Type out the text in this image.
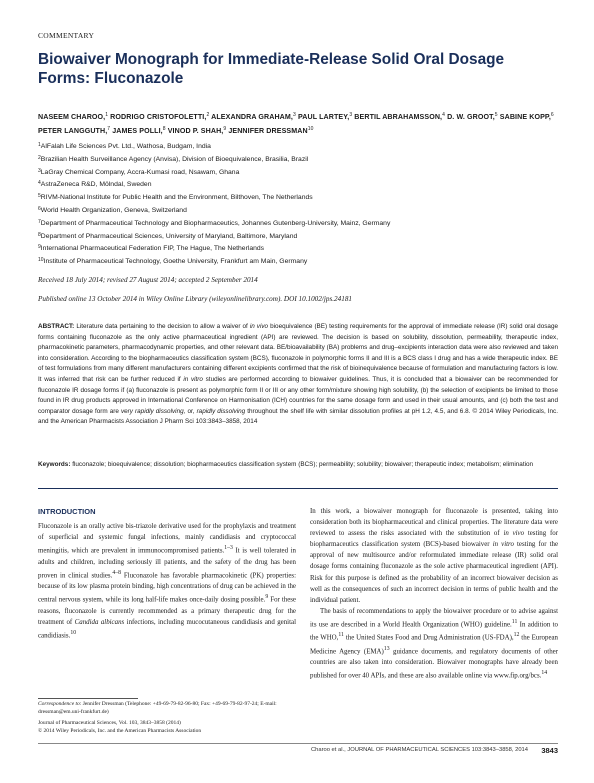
COMMENTARY
Biowaiver Monograph for Immediate-Release Solid Oral Dosage Forms: Fluconazole
NASEEM CHAROO,$^1$ RODRIGO CRISTOFOLETTI,$^2$ ALEXANDRA GRAHAM,$^3$ PAUL LARTEY,$^3$ BERTIL ABRAHAMSSON,$^4$ D. W. GROOT,$^5$ SABINE KOPP,$^6$ PETER LANGGUTH,$^7$ JAMES POLLI,$^8$ VINOD P. SHAH,$^9$ JENNIFER DRESSMAN$^{10}$
$^1$AlFalah Life Sciences Pvt. Ltd., Wathosa, Budgam, India
$^2$Brazilian Health Surveillance Agency (Anvisa), Division of Bioequivalence, Brasilia, Brazil
$^3$LaGray Chemical Company, Accra-Kumasi road, Nsawam, Ghana
$^4$AstraZeneca R&D, Mölndal, Sweden
$^5$RIVM-National Institute for Public Health and the Environment, Bilthoven, The Netherlands
$^6$World Health Organization, Geneva, Switzerland
$^7$Department of Pharmaceutical Technology and Biopharmaceutics, Johannes Gutenberg-University, Mainz, Germany
$^8$Department of Pharmaceutical Sciences, University of Maryland, Baltimore, Maryland
$^9$International Pharmaceutical Federation FIP, The Hague, The Netherlands
$^{10}$Institute of Pharmaceutical Technology, Goethe University, Frankfurt am Main, Germany
Received 18 July 2014; revised 27 August 2014; accepted 2 September 2014
Published online 13 October 2014 in Wiley Online Library (wileyonlinelibrary.com). DOI 10.1002/jps.24181
ABSTRACT: Literature data pertaining to the decision to allow a waiver of in vivo bioequivalence (BE) testing requirements for the approval of immediate release (IR) solid oral dosage forms containing fluconazole as the only active pharmaceutical ingredient (API) are reviewed. The decision is based on solubility, dissolution, permeability, therapeutic index, pharmacokinetic parameters, pharmacodynamic properties, and other relevant data. BE/bioavailability (BA) problems and drug–excipients interaction data were also reviewed and taken into consideration. According to the biopharmaceutics classification system (BCS), fluconazole in polymorphic forms II and III is a BCS class I drug and has a wide therapeutic index. BE of test formulations from many different manufacturers containing different excipients confirmed that the risk of bioinequivalence because of formulation and manufacturing factors is low. It was inferred that risk can be further reduced if in vitro studies are performed according to biowaiver guidelines. Thus, it is concluded that a biowaiver can be recommended for fluconazole IR dosage forms if (a) fluconazole is present as polymorphic form II or III or any other form/mixture showing high solubility, (b) the selection of excipients be limited to those found in IR drug products approved in International Conference on Harmonisation (ICH) countries for the same dosage form and used in their usual amounts, and (c) both the test and comparator dosage form are very rapidly dissolving, or, rapidly dissolving throughout the shelf life with similar dissolution profiles at pH 1.2, 4.5, and 6.8. © 2014 Wiley Periodicals, Inc. and the American Pharmacists Association J Pharm Sci 103:3843–3858, 2014
Keywords: fluconazole; bioequivalence; dissolution; biopharmaceutics classification system (BCS); permeability; solubility; biowaiver; therapeutic index; metabolism; elimination
INTRODUCTION

Fluconazole is an orally active bis-triazole derivative used for the prophylaxis and treatment of superficial and systemic fungal infections, mainly candidiasis and cryptococcal meningitis, which are prevalent in immunocompromised patients.$^{1-3}$ It is well tolerated in adults and children, including seriously ill patients, and the safety of the drug has been proven in clinical studies.$^{4-8}$ Fluconazole has favorable pharmacokinetic (PK) properties: because of its low plasma protein binding, high concentrations of drug can be achieved in the central nervous system, while its long half-life makes once-daily dosing possible.$^9$ For these reasons, fluconazole is currently recommended as a primary therapeutic drug for the treatment of Candida albicans infections, including mucocutaneous candidiasis and genital candidiasis.$^{10}$

In this work, a biowaiver monograph for fluconazole is presented, taking into consideration both its biopharmaceutical and clinical properties. The literature data were reviewed to assess the risks associated with the substitution of in vivo testing for biopharmaceutics classification system (BCS)-based biowaiver in vitro testing for the approval of new multisource and/or reformulated immediate release (IR) solid oral dosage forms containing fluconazole as the sole active pharmaceutical ingredient (API). Risk for this purpose is defined as the probability of an incorrect biowaiver decision as well as the consequences of such an incorrect decision in terms of public health and the individual patient.

The basis of recommendations to apply the biowaiver procedure or to advise against its use are described in a World Health Organization (WHO) guideline.$^{11}$ In addition to the WHO,$^{11}$ the United States Food and Drug Administration (US-FDA),$^{12}$ the European Medicine Agency (EMA)$^{13}$ guidance documents, and regulatory documents of other countries are also taken into consideration. Biowaiver monographs have already been published for over 40 APIs, and these are also available online via www.fip.org/bcs.$^{14}$

Correspondence to: Jennifer Dressman (Telephone: +49-69-79-82-96-80; Fax: +49-69-79-82-97-24; E-mail: dressman@em.uni-frankfurt.de)
Journal of Pharmaceutical Sciences, Vol. 103, 3843–3858 (2014)
© 2014 Wiley Periodicals, Inc. and the American Pharmacists Association
Charoo et al., JOURNAL OF PHARMACEUTICAL SCIENCES 103:3843–3858, 2014 3843
